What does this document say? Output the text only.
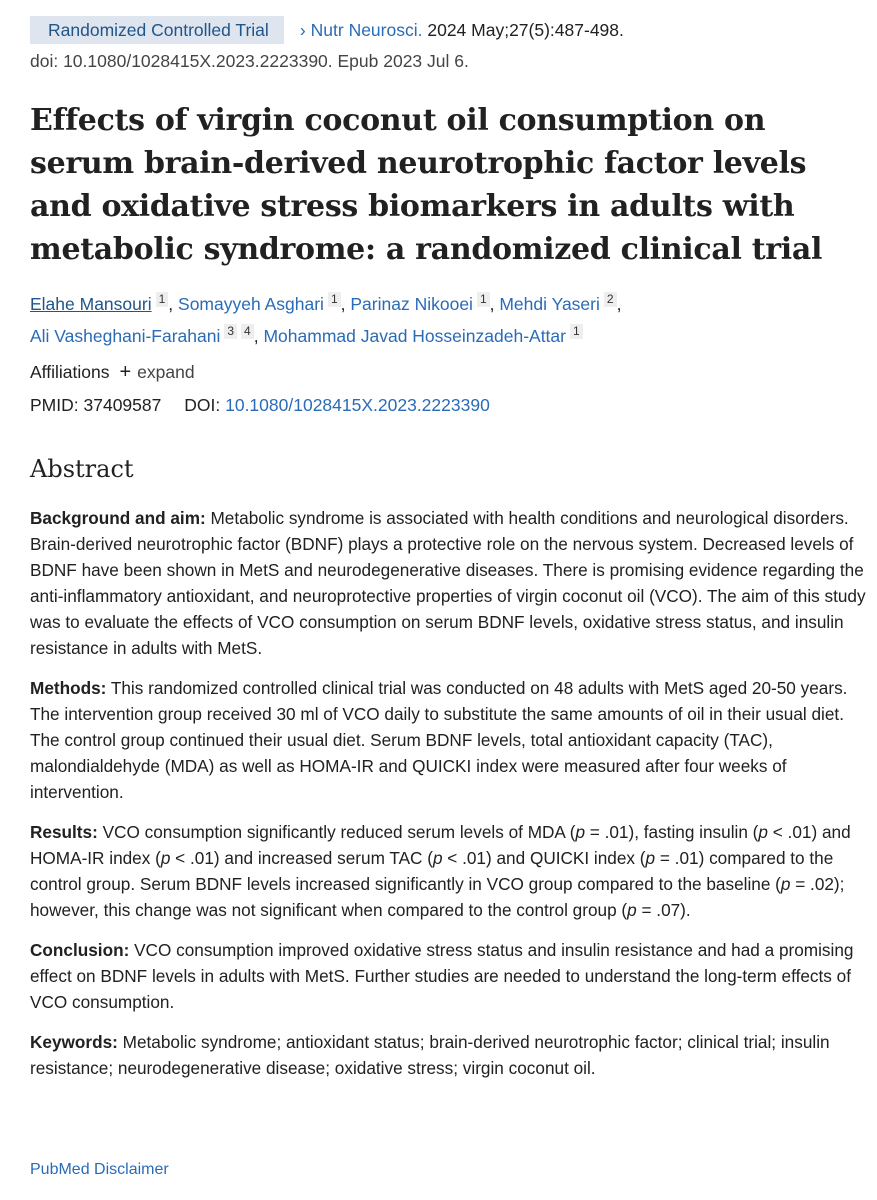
Randomized Controlled Trial › Nutr Neurosci. 2024 May;27(5):487-498.
doi: 10.1080/1028415X.2023.2223390. Epub 2023 Jul 6.
Effects of virgin coconut oil consumption on serum brain-derived neurotrophic factor levels and oxidative stress biomarkers in adults with metabolic syndrome: a randomized clinical trial
Elahe Mansouri 1 , Somayyeh Asghari 1 , Parinaz Nikooei 1 , Mehdi Yaseri 2 ,
Ali Vasheghani-Farahani 3 4 , Mohammad Javad Hosseinzadeh-Attar 1
Affiliations + expand
PMID: 37409587 DOI: 10.1080/1028415X.2023.2223390
Abstract

Background and aim: Metabolic syndrome is associated with health conditions and neurological disorders. Brain-derived neurotrophic factor (BDNF) plays a protective role on the nervous system. Decreased levels of BDNF have been shown in MetS and neurodegenerative diseases. There is promising evidence regarding the anti-inflammatory antioxidant, and neuroprotective properties of virgin coconut oil (VCO). The aim of this study was to evaluate the effects of VCO consumption on serum BDNF levels, oxidative stress status, and insulin resistance in adults with MetS.

Methods: This randomized controlled clinical trial was conducted on 48 adults with MetS aged 20-50 years. The intervention group received 30 ml of VCO daily to substitute the same amounts of oil in their usual diet. The control group continued their usual diet. Serum BDNF levels, total antioxidant capacity (TAC), malondialdehyde (MDA) as well as HOMA-IR and QUICKI index were measured after four weeks of intervention.

Results: VCO consumption significantly reduced serum levels of MDA (p = .01), fasting insulin (p < .01) and HOMA-IR index (p < .01) and increased serum TAC (p < .01) and QUICKI index (p = .01) compared to the control group. Serum BDNF levels increased significantly in VCO group compared to the baseline (p = .02); however, this change was not significant when compared to the control group (p = .07).

Conclusion: VCO consumption improved oxidative stress status and insulin resistance and had a promising effect on BDNF levels in adults with MetS. Further studies are needed to understand the long-term effects of VCO consumption.

Keywords: Metabolic syndrome; antioxidant status; brain-derived neurotrophic factor; clinical trial; insulin resistance; neurodegenerative disease; oxidative stress; virgin coconut oil.

PubMed Disclaimer
